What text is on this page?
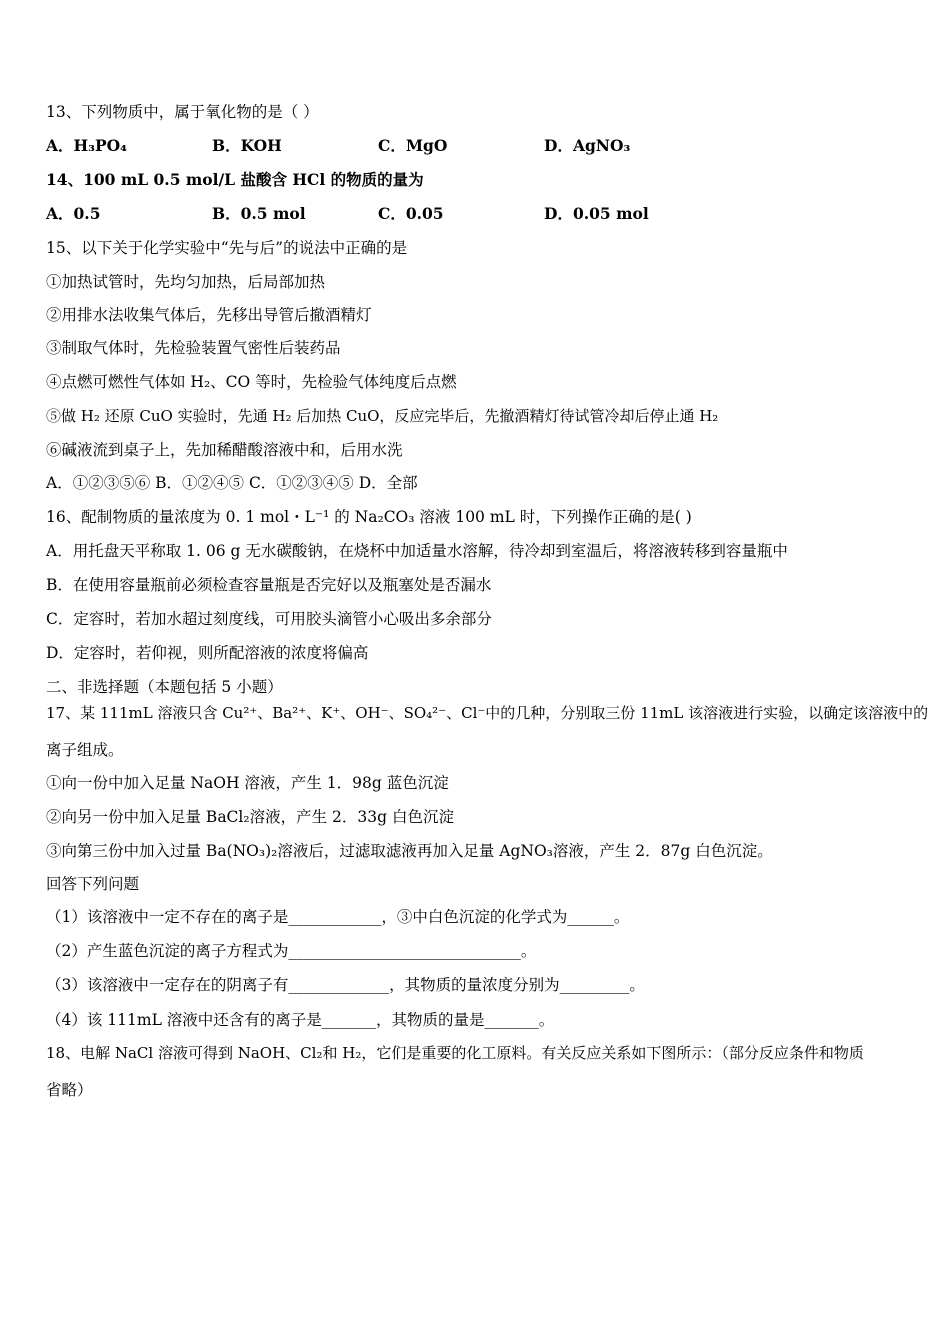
13、下列物质中，属于氧化物的是（ ）
A．H₃PO₄	B．KOH	C．MgO	D．AgNO₃
14、100 mL 0.5 mol/L 盐酸含 HCl 的物质的量为
A．0.5	B．0.5 mol	C．0.05	D．0.05 mol
15、以下关于化学实验中“先与后”的说法中正确的是
①加热试管时，先均匀加热，后局部加热
②用排水法收集气体后，先移出导管后撤酒精灯
③制取气体时，先检验装置气密性后装药品
④点燃可燃性气体如 H₂、CO 等时，先检验气体纯度后点燃
⑤做 H₂ 还原 CuO 实验时，先通 H₂ 后加热 CuO，反应完毕后，先撤酒精灯待试管冷却后停止通 H₂
⑥碱液流到桌子上，先加稀醋酸溶液中和，后用水洗
A．①②③⑤⑥ B．①②④⑤ C．①②③④⑤ D．全部
16、配制物质的量浓度为 0. 1 mol・L⁻¹ 的 Na₂CO₃ 溶液 100 mL 时，下列操作正确的是( )
A．用托盘天平称取 1. 06 g 无水碳酸钠，在烧杯中加适量水溶解，待冷却到室温后，将溶液转移到容量瓶中
B．在使用容量瓶前必须检查容量瓶是否完好以及瓶塞处是否漏水
C．定容时，若加水超过刻度线，可用胶头滴管小心吸出多余部分
D．定容时，若仰视，则所配溶液的浓度将偏高
二、非选择题（本题包括 5 小题）
17、某 111mL 溶液只含 Cu²⁺、Ba²⁺、K⁺、OH⁻、SO₄²⁻、Cl⁻中的几种，分别取三份 11mL 该溶液进行实验，以确定该溶液中的
离子组成。
①向一份中加入足量 NaOH 溶液，产生 1．98g 蓝色沉淀
②向另一份中加入足量 BaCl₂溶液，产生 2．33g 白色沉淀
③向第三份中加入过量 Ba(NO₃)₂溶液后，过滤取滤液再加入足量 AgNO₃溶液，产生 2．87g 白色沉淀。
回答下列问题
（1）该溶液中一定不存在的离子是____________，③中白色沉淀的化学式为______。
（2）产生蓝色沉淀的离子方程式为______________________________。
（3）该溶液中一定存在的阴离子有_____________，其物质的量浓度分别为_________。
（4）该 111mL 溶液中还含有的离子是_______，其物质的量是_______。
18、电解 NaCl 溶液可得到 NaOH、Cl₂和 H₂，它们是重要的化工原料。有关反应关系如下图所示：（部分反应条件和物质
省略）
